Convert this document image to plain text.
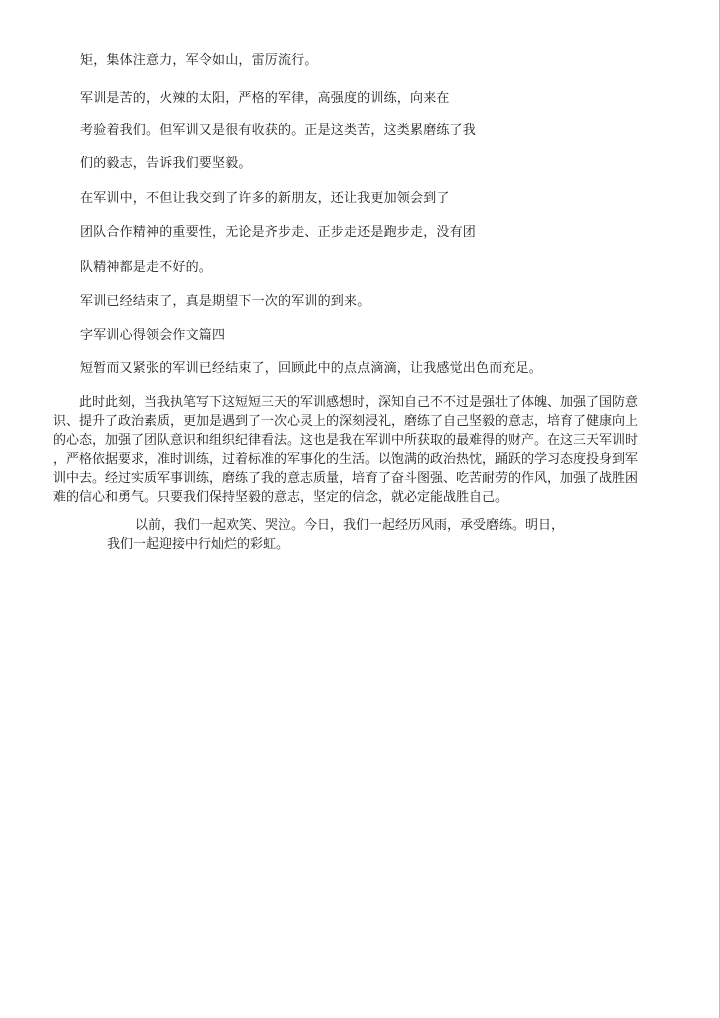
矩，集体注意力，军令如山，雷厉流行。
军训是苦的，火辣的太阳，严格的军律，高强度的训练，向来在
考验着我们。但军训又是很有收获的。正是这类苦，这类累磨练了我
们的毅志，告诉我们要坚毅。
在军训中，不但让我交到了许多的新朋友，还让我更加领会到了
团队合作精神的重要性，无论是齐步走、正步走还是跑步走，没有团
队精神都是走不好的。
军训已经结束了，真是期望下一次的军训的到来。
字军训心得领会作文篇四
短暂而又紧张的军训已经结束了，回顾此中的点点滴滴，让我感觉出色而充足。
此时此刻，当我执笔写下这短短三天的军训感想时，深知自己不不过是强壮了体魄、加强了国防意
识、提升了政治素质，更加是遇到了一次心灵上的深刻浸礼，磨练了自己坚毅的意志，培育了健康向上
的心态，加强了团队意识和组织纪律看法。这也是我在军训中所获取的最难得的财产。在这三天军训时
，严格依据要求，准时训练，过着标准的军事化的生活。以饱满的政治热忱，踊跃的学习态度投身到军
训中去。经过实质军事训练，磨练了我的意志质量，培育了奋斗图强、吃苦耐劳的作风，加强了战胜困
难的信心和勇气。只要我们保持坚毅的意志，坚定的信念，就必定能战胜自己。
以前，我们一起欢笑、哭泣。今日，我们一起经历风雨，承受磨练。明日，
我们一起迎接中行灿烂的彩虹。
